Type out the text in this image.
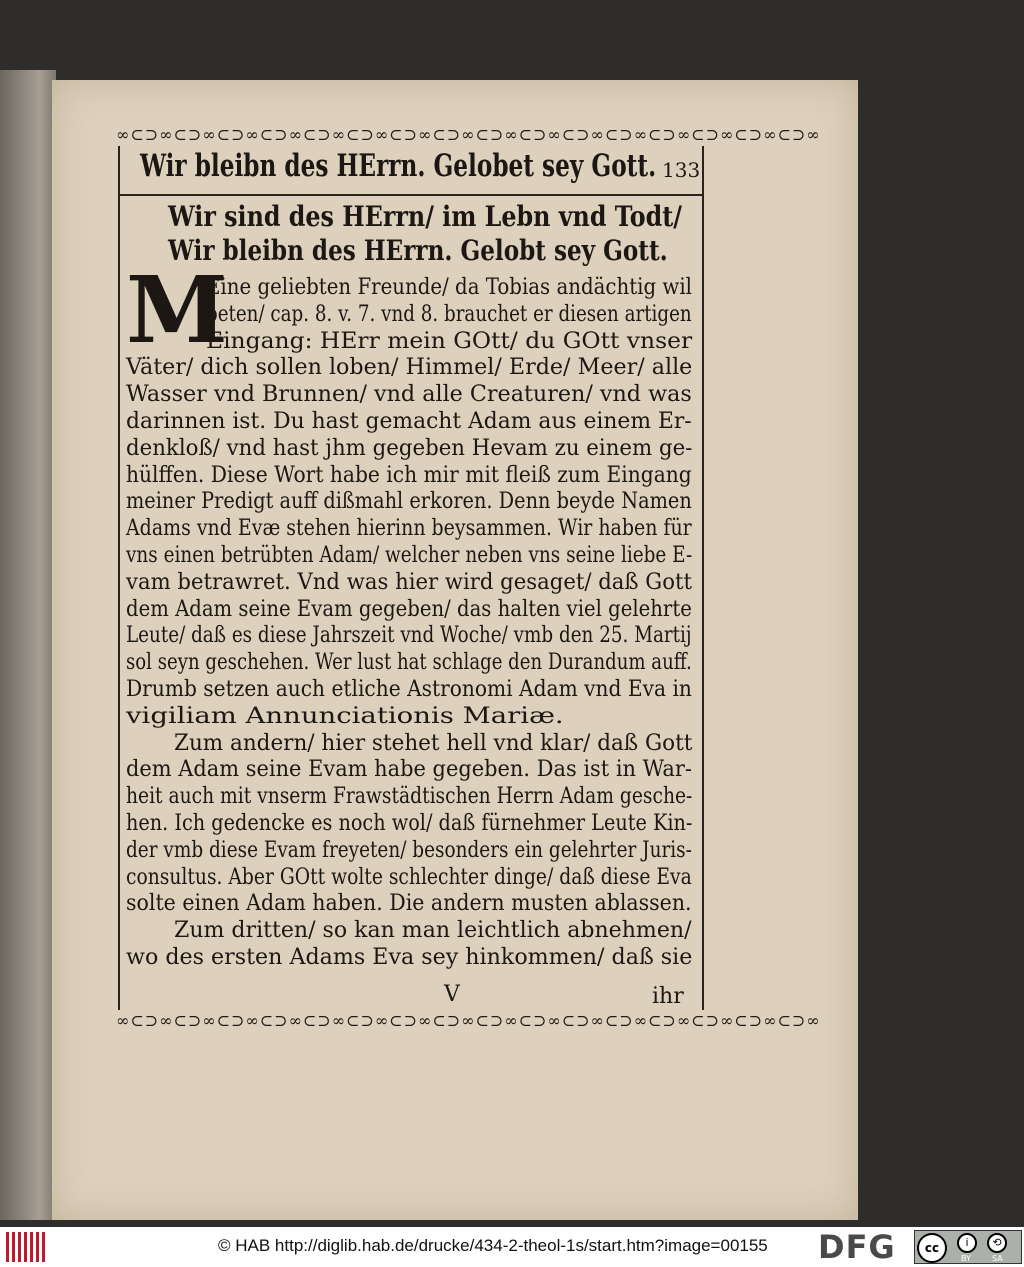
∞⊂⊃∞⊂⊃∞⊂⊃∞⊂⊃∞⊂⊃∞⊂⊃∞⊂⊃∞⊂⊃∞⊂⊃∞⊂⊃∞⊂⊃∞⊂⊃∞⊂⊃∞⊂⊃∞⊂⊃∞⊂⊃∞
Wir bleibn des HErrn. Gelobet sey Gott. 133
Wir sind des HErrn/ im Lebn vnd Todt/
Wir bleibn des HErrn. Gelobt sey Gott.
M
Eine geliebten Freunde/ da Tobias andächtig wil
beten/ cap. 8. v. 7. vnd 8. brauchet er diesen artigen
Eingang: HErr mein GOtt/ du GOtt vnser
Väter/ dich sollen loben/ Himmel/ Erde/ Meer/ alle
Wasser vnd Brunnen/ vnd alle Creaturen/ vnd was
darinnen ist. Du hast gemacht Adam aus einem Er-
denkloß/ vnd hast jhm gegeben Hevam zu einem ge-
hülffen. Diese Wort habe ich mir mit fleiß zum Eingang
meiner Predigt auff dißmahl erkoren. Denn beyde Namen
Adams vnd Evæ stehen hierinn beysammen. Wir haben für
vns einen betrübten Adam/ welcher neben vns seine liebe E-
vam betrawret. Vnd was hier wird gesaget/ daß Gott
dem Adam seine Evam gegeben/ das halten viel gelehrte
Leute/ daß es diese Jahrszeit vnd Woche/ vmb den 25. Martij
sol seyn geschehen. Wer lust hat schlage den Durandum auff.
Drumb setzen auch etliche Astronomi Adam vnd Eva in
vigiliam Annunciationis Mariæ.
Zum andern/ hier stehet hell vnd klar/ daß Gott
dem Adam seine Evam habe gegeben. Das ist in War-
heit auch mit vnserm Frawstädtischen Herrn Adam gesche-
hen. Ich gedencke es noch wol/ daß fürnehmer Leute Kin-
der vmb diese Evam freyeten/ besonders ein gelehrter Juris-
consultus. Aber GOtt wolte schlechter dinge/ daß diese Eva
solte einen Adam haben. Die andern musten ablassen.
Zum dritten/ so kan man leichtlich abnehmen/
wo des ersten Adams Eva sey hinkommen/ daß sie
V	ihr
∞⊂⊃∞⊂⊃∞⊂⊃∞⊂⊃∞⊂⊃∞⊂⊃∞⊂⊃∞⊂⊃∞⊂⊃∞⊂⊃∞⊂⊃∞⊂⊃∞⊂⊃∞⊂⊃∞⊂⊃∞⊂⊃∞
© HAB http://diglib.hab.de/drucke/434-2-theol-1s/start.htm?image=00155 DFG	cc	i	⟲
BY	SA
